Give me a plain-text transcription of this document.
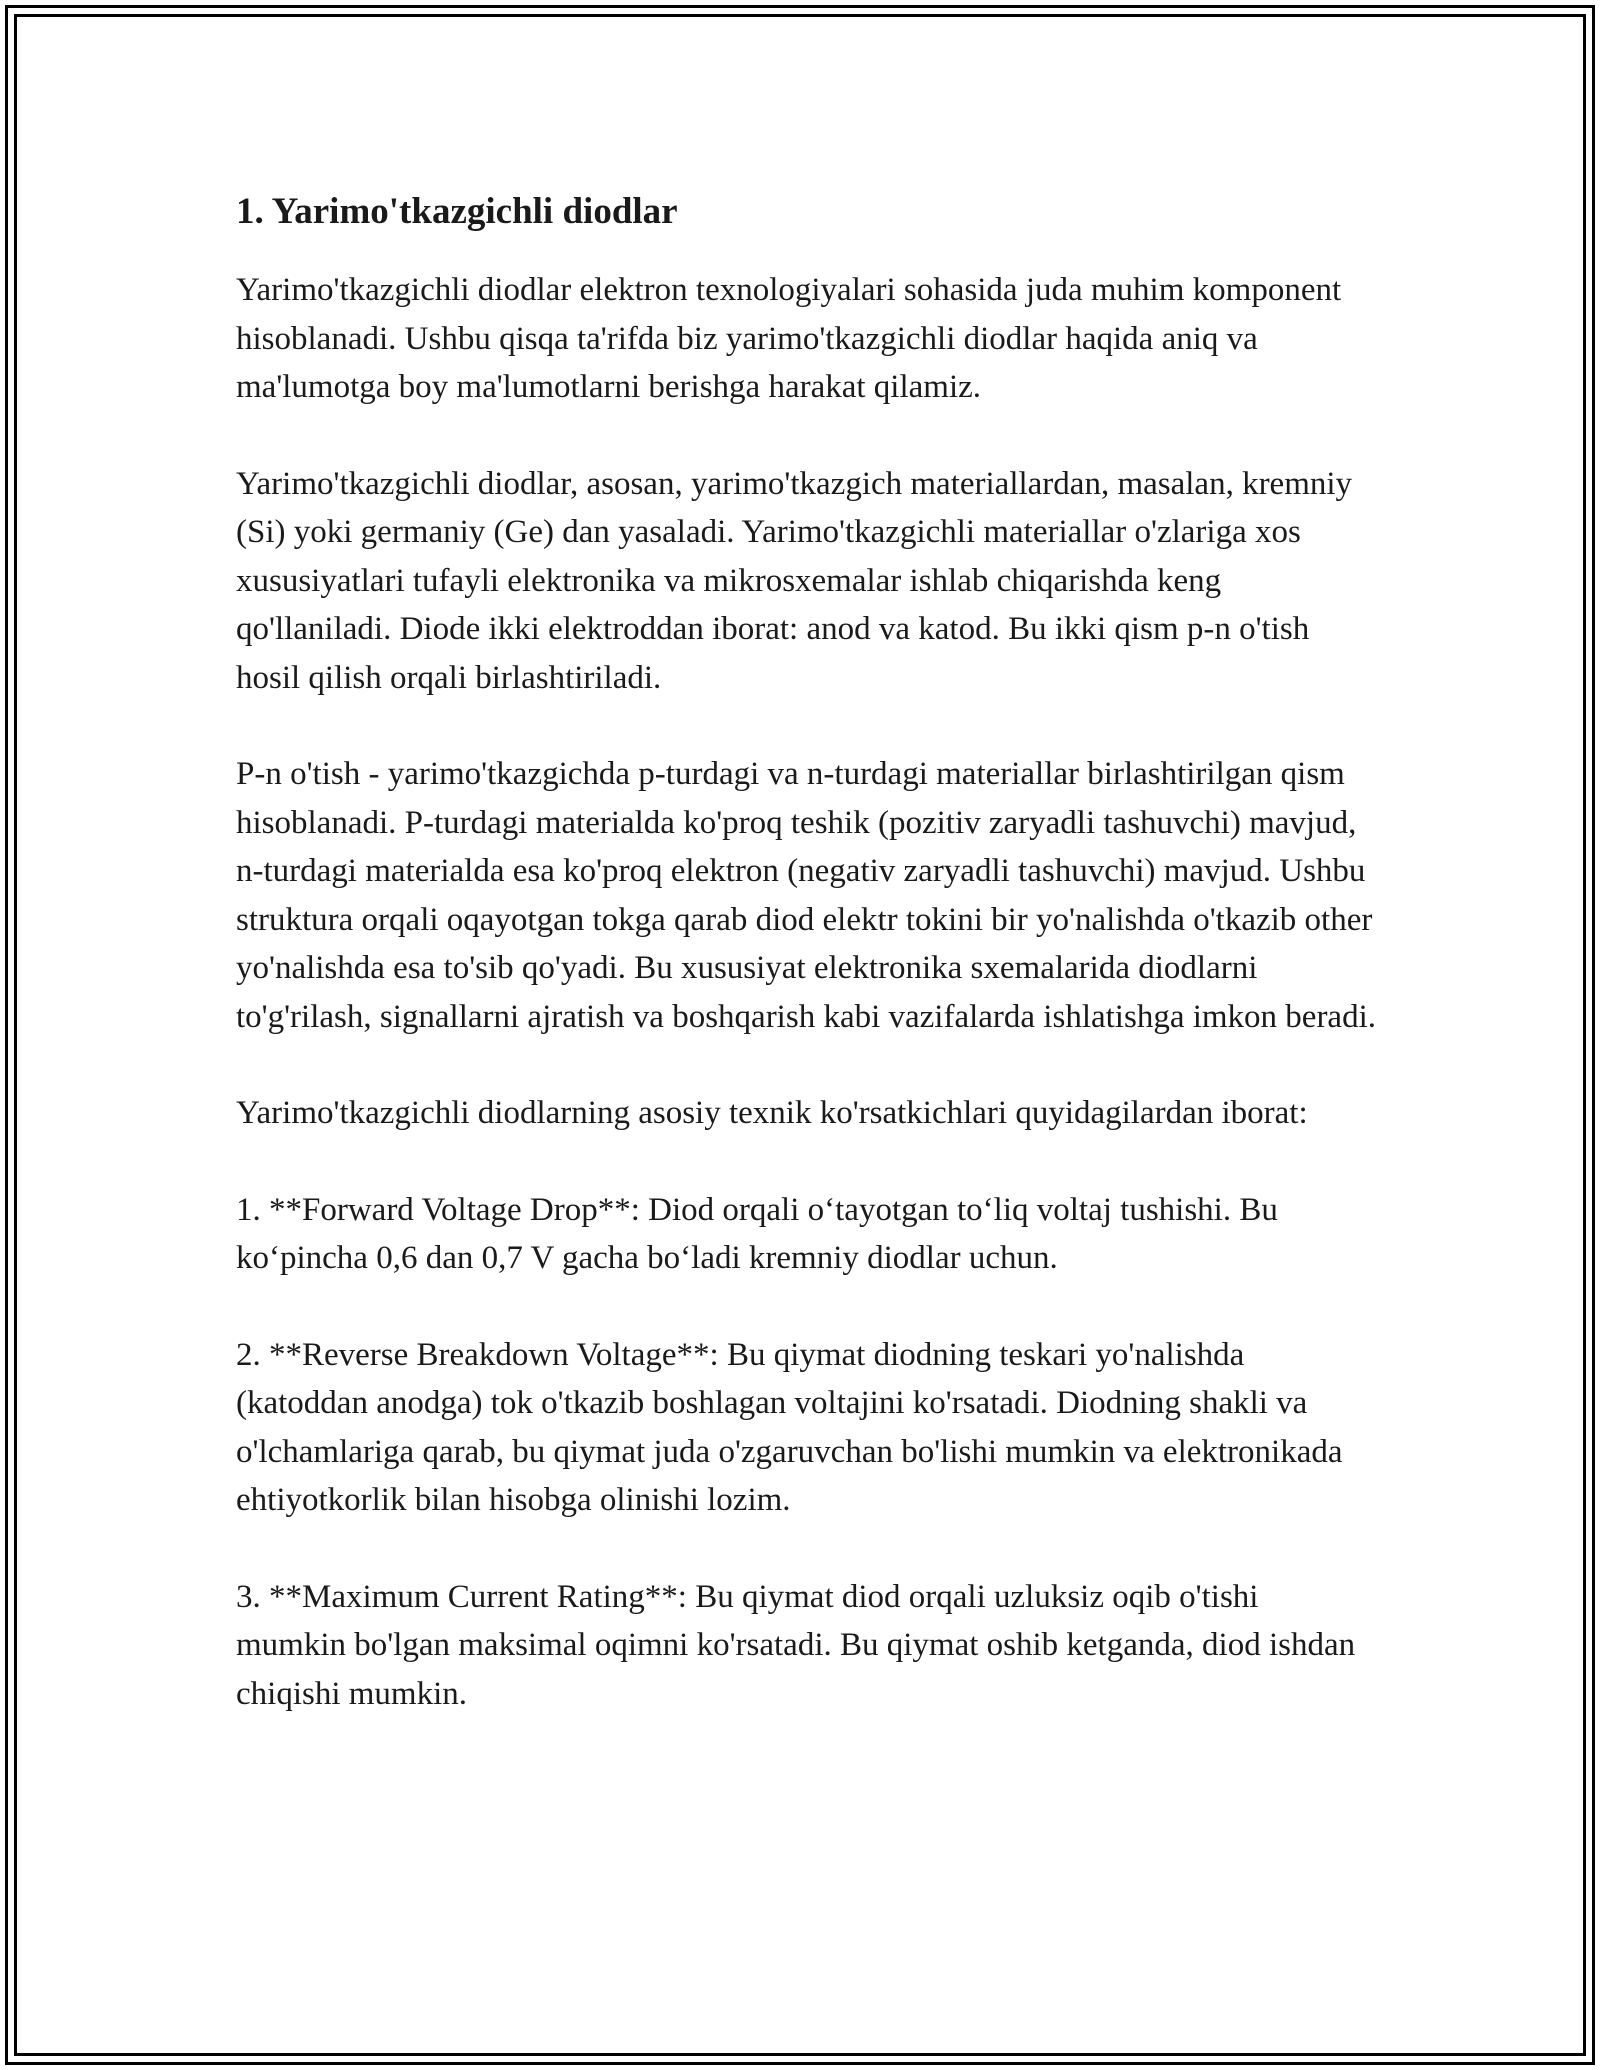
1. Yarimo'tkazgichli diodlar

Yarimo'tkazgichli diodlar elektron texnologiyalari sohasida juda muhim komponent hisoblanadi. Ushbu qisqa ta'rifda biz yarimo'tkazgichli diodlar haqida aniq va ma'lumotga boy ma'lumotlarni berishga harakat qilamiz.

Yarimo'tkazgichli diodlar, asosan, yarimo'tkazgich materiallardan, masalan, kremniy (Si) yoki germaniy (Ge) dan yasaladi. Yarimo'tkazgichli materiallar o'zlariga xos xususiyatlari tufayli elektronika va mikrosxemalar ishlab chiqarishda keng qo'llaniladi. Diode ikki elektroddan iborat: anod va katod. Bu ikki qism p-n o'tish hosil qilish orqali birlashtiriladi.

P-n o'tish - yarimo'tkazgichda p-turdagi va n-turdagi materiallar birlashtirilgan qism hisoblanadi. P-turdagi materialda ko'proq teshik (pozitiv zaryadli tashuvchi) mavjud, n-turdagi materialda esa ko'proq elektron (negativ zaryadli tashuvchi) mavjud. Ushbu struktura orqali oqayotgan tokga qarab diod elektr tokini bir yo'nalishda o'tkazib other yo'nalishda esa to'sib qo'yadi. Bu xususiyat elektronika sxemalarida diodlarni to'g'rilash, signallarni ajratish va boshqarish kabi vazifalarda ishlatishga imkon beradi.

Yarimo'tkazgichli diodlarning asosiy texnik ko'rsatkichlari quyidagilardan iborat:

1. **Forward Voltage Drop**: Diod orqali oʻtayotgan toʻliq voltaj tushishi. Bu koʻpincha 0,6 dan 0,7 V gacha boʻladi kremniy diodlar uchun.

2. **Reverse Breakdown Voltage**: Bu qiymat diodning teskari yo'nalishda (katoddan anodga) tok o'tkazib boshlagan voltajini ko'rsatadi. Diodning shakli va o'lchamlariga qarab, bu qiymat juda o'zgaruvchan bo'lishi mumkin va elektronikada ehtiyotkorlik bilan hisobga olinishi lozim.

3. **Maximum Current Rating**: Bu qiymat diod orqali uzluksiz oqib o'tishi mumkin bo'lgan maksimal oqimni ko'rsatadi. Bu qiymat oshib ketganda, diod ishdan chiqishi mumkin.
